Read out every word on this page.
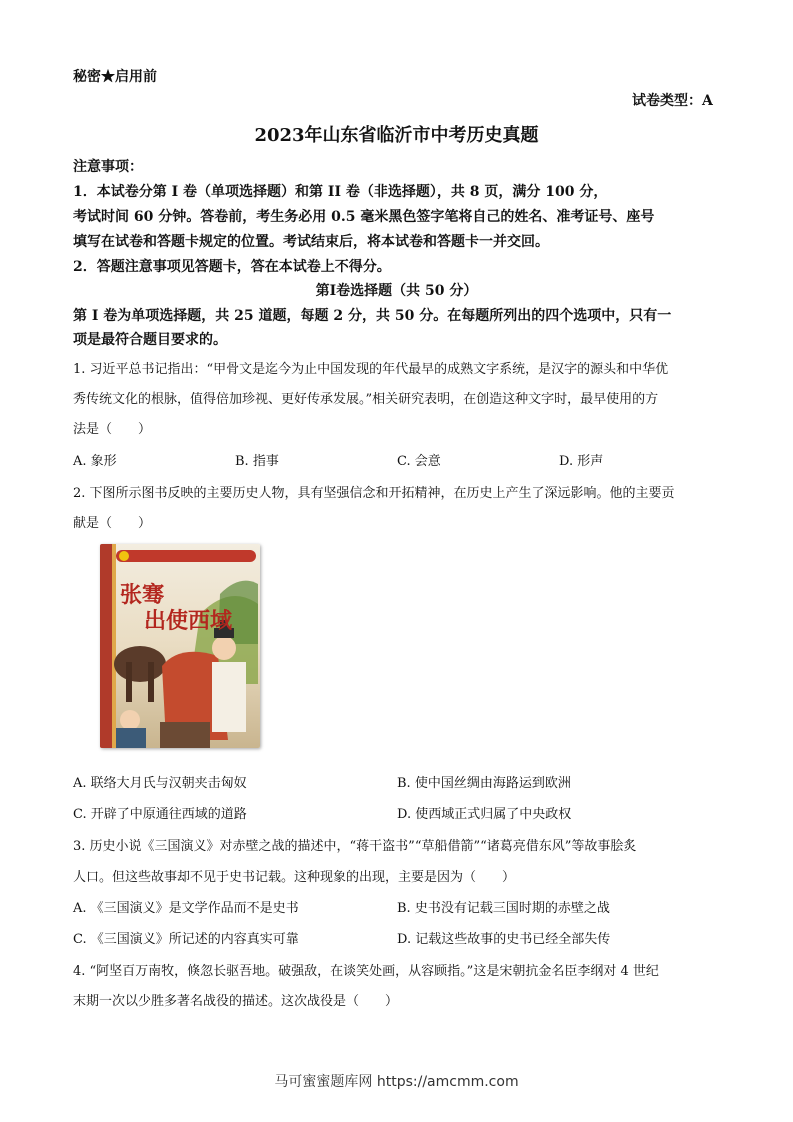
秘密★启用前
试卷类型：A
2023年山东省临沂市中考历史真题
注意事项：
1．本试卷分第 I 卷（单项选择题）和第 II 卷（非选择题），共 8 页，满分 100 分，
考试时间 60 分钟。答卷前，考生务必用 0.5 毫米黑色签字笔将自己的姓名、准考证号、座号
填写在试卷和答题卡规定的位置。考试结束后，将本试卷和答题卡一并交回。
2．答题注意事项见答题卡，答在本试卷上不得分。
第Ⅰ卷选择题（共 50 分）
第 I 卷为单项选择题，共 25 道题，每题 2 分，共 50 分。在每题所列出的四个选项中，只有一
项是最符合题目要求的。
1. 习近平总书记指出：“甲骨文是迄今为止中国发现的年代最早的成熟文字系统，是汉字的源头和中华优
秀传统文化的根脉，值得倍加珍视、更好传承发展。”相关研究表明，在创造这种文字时，最早使用的方
法是（　　）
A. 象形	B. 指事	C. 会意	D. 形声
2. 下图所示图书反映的主要历史人物，具有坚强信念和开拓精神，在历史上产生了深远影响。他的主要贡
献是（　　）
张骞
出使西域
A. 联络大月氏与汉朝夹击匈奴	B. 使中国丝绸由海路运到欧洲
C. 开辟了中原通往西域的道路	D. 使西域正式归属了中央政权
3. 历史小说《三国演义》对赤壁之战的描述中，“蒋干盗书”“草船借箭”“诸葛亮借东风”等故事脍炙
人口。但这些故事却不见于史书记载。这种现象的出现，主要是因为（　　）
A. 《三国演义》是文学作品而不是史书	B. 史书没有记载三国时期的赤壁之战
C. 《三国演义》所记述的内容真实可靠	D. 记载这些故事的史书已经全部失传
4. “阿坚百万南牧，倏忽长驱吾地。破强敌，在谈笑处画，从容顾指。”这是宋朝抗金名臣李纲对 4 世纪
末期一次以少胜多著名战役的描述。这次战役是（　　）
马可蜜蜜题库网 https://amcmm.com
